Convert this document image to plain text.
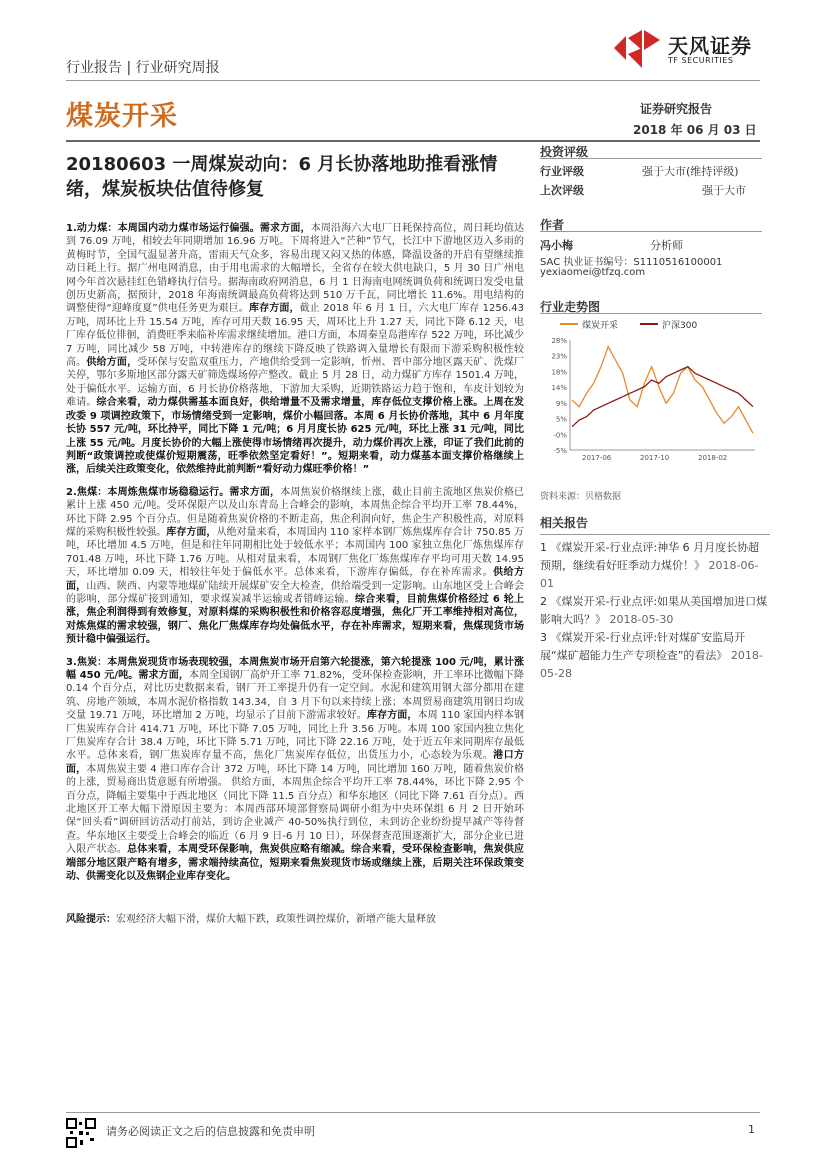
天风证券
TF SECURITIES
行业报告 | 行业研究周报
煤炭开采	证券研究报告
2018 年 06 月 03 日
20180603 一周煤炭动向：6 月长协落地助推看涨情绪，煤炭板块估值待修复

1.动力煤：本周国内动力煤市场运行偏强。需求方面，本周沿海六大电厂日耗保持高位，周日耗均值达到 76.09 万吨，相较去年同期增加 16.96 万吨。下周将进入“芒种”节气，长江中下游地区迈入多雨的黄梅时节，全国气温显著升高，雷雨天气众多，容易出现又闷又热的体感，降温设备的开启有望继续推动日耗上行。据广州电网消息，由于用电需求的大幅增长，全省存在较大供电缺口，5 月 30 日广州电网今年首次悬挂红色错峰执行信号。据海南政府网消息，6 月 1 日海南电网统调负荷和统调日发受电量创历史新高，据预计，2018 年海南统调最高负荷将达到 510 万千瓦，同比增长 11.6%。用电结构的调整使得“迎峰度夏”供电任务更为艰巨。库存方面，截止 2018 年 6 月 1 日，六大电厂库存 1256.43 万吨，周环比上升 15.54 万吨，库存可用天数 16.95 天，周环比上升 1.27 天，同比下降 6.12 天，电厂库存低位徘徊，消费旺季来临补库需求继续增加。港口方面，本周秦皇岛港库存 522 万吨，环比减少 7 万吨，同比减少 58 万吨，中转港库存的继续下降反映了铁路调入量增长有限而下游采购积极性较高。供给方面，受环保与安监双重压力，产地供给受到一定影响，忻州、晋中部分地区露天矿、洗煤厂关停，鄂尔多斯地区部分露天矿筛选煤场停产整改。截止 5 月 28 日，动力煤矿方库存 1501.4 万吨，处于偏低水平。运输方面，6 月长协价格落地，下游加大采购，近期铁路运力趋于饱和，车皮计划较为难请。综合来看，动力煤供需基本面良好，供给增量不及需求增量，库存低位支撑价格上涨。上周在发改委 9 项调控政策下，市场情绪受到一定影响，煤价小幅回落。本周 6 月长协价落地，其中 6 月年度长协 557 元/吨，环比持平，同比下降 1 元/吨；6 月月度长协 625 元/吨，环比上涨 31 元/吨，同比上涨 55 元/吨。月度长协价的大幅上涨使得市场情绪再次提升，动力煤价再次上涨，印证了我们此前的判断“政策调控或使煤价短期震荡，旺季依然坚定看好！”。短期来看，动力煤基本面支撑价格继续上涨，后续关注政策变化，依然维持此前判断“看好动力煤旺季价格！”

2.焦煤：本周炼焦煤市场稳稳运行。需求方面，本周焦炭价格继续上涨，截止目前主流地区焦炭价格已累计上涨 450 元/吨。受环保限产以及山东青岛上合峰会的影响，本周焦企综合平均开工率 78.44%，环比下降 2.95 个百分点。但是随着焦炭价格的不断走高，焦企利润向好，焦企生产积极性高，对原料煤的采购积极性较强。库存方面，从绝对量来看，本周国内 110 家样本钢厂炼焦煤库存合计 750.85 万吨，环比增加 4.5 万吨，但是和往年同期相比处于较低水平；本周国内 100 家独立焦化厂炼焦煤库存 701.48 万吨，环比下降 1.76 万吨。从相对量来看，本周钢厂焦化厂炼焦煤库存平均可用天数 14.95 天，环比增加 0.09 天，相较往年处于偏低水平。总体来看，下游库存偏低，存在补库需求。供给方面，山西、陕西、内蒙等地煤矿陆续开展煤矿安全大检查，供给端受到一定影响。山东地区受上合峰会的影响，部分煤矿接到通知，要求煤炭减半运输或者错峰运输。综合来看，目前焦煤价格经过 6 轮上涨，焦企利润得到有效修复，对原料煤的采购积极性和价格容忍度增强，焦化厂开工率维持相对高位，对炼焦煤的需求较强，钢厂、焦化厂焦煤库存均处偏低水平，存在补库需求，短期来看，焦煤现货市场预计稳中偏强运行。

3.焦炭：本周焦炭现货市场表现较强，本周焦炭市场开启第六轮提涨，第六轮提涨 100 元/吨，累计涨幅 450 元/吨。需求方面，本周全国钢厂高炉开工率 71.82%，受环保检查影响，开工率环比微幅下降 0.14 个百分点，对比历史数据来看，钢厂开工率提升仍有一定空间。水泥和建筑用钢大部分都用在建筑、房地产领域，本周水泥价格指数 143.34，自 3 月下旬以来持续上涨；本周贸易商建筑用钢日均成交量 19.71 万吨，环比增加 2 万吨，均显示了目前下游需求较好。库存方面，本周 110 家国内样本钢厂焦炭库存合计 414.71 万吨，环比下降 7.05 万吨，同比上升 3.56 万吨。本周 100 家国内独立焦化厂焦炭库存合计 38.4 万吨，环比下降 5.71 万吨，同比下降 22.16 万吨，处于近五年来同期库存最低水平。总体来看，钢厂焦炭库存量不高，焦化厂焦炭库存低位，出货压力小，心态较为乐观。港口方面，本周焦炭主要 4 港口库存合计 372 万吨，环比下降 14 万吨，同比增加 160 万吨，随着焦炭价格的上涨，贸易商出货意愿有所增强。 供给方面，本周焦企综合平均开工率 78.44%，环比下降 2.95 个百分点，降幅主要集中于西北地区（同比下降 11.5 百分点）和华东地区（同比下降 7.61 百分点）。西北地区开工率大幅下滑原因主要为：本周西部环境部督察局调研小组为中央环保组 6 月 2 日开始环保“回头看”调研回访活动打前站，到访企业减产 40-50%执行到位，未到访企业纷纷提早减产等待督查。华东地区主要受上合峰会的临近（6 月 9 日-6 月 10 日），环保督查范围逐渐扩大，部分企业已进入限产状态。总体来看，本周受环保影响，焦炭供应略有缩减。综合来看，受环保检查影响，焦炭供应端部分地区限产略有增多，需求端持续高位，短期来看焦炭现货市场或继续上涨，后期关注环保政策变动、供需变化以及焦钢企业库存变化。

风险提示：宏观经济大幅下滑，煤价大幅下跌，政策性调控煤价，新增产能大量释放
投资评级
行业评级	强于大市(维持评级)
上次评级	强于大市
作者
冯小梅	分析师
SAC 执业证书编号：S1110516100001
yexiaomei@tfzq.com
行业走势图
煤炭开采	沪深300
-5%
-0%
5%
9%
14%
18%
23%
28%
2017-06	2017-10	2018-02
资料来源：贝格数据
相关报告
1 《煤炭开采-行业点评:神华 6 月月度长协超预期，继续看好旺季动力煤价！》 2018-06-01
2 《煤炭开采-行业点评:如果从美国增加进口煤影响大吗？》 2018-05-30
3 《煤炭开采-行业点评:针对煤矿安监局开展“煤矿超能力生产专项检查”的看法》 2018-05-28
请务必阅读正文之后的信息披露和免责申明	1
